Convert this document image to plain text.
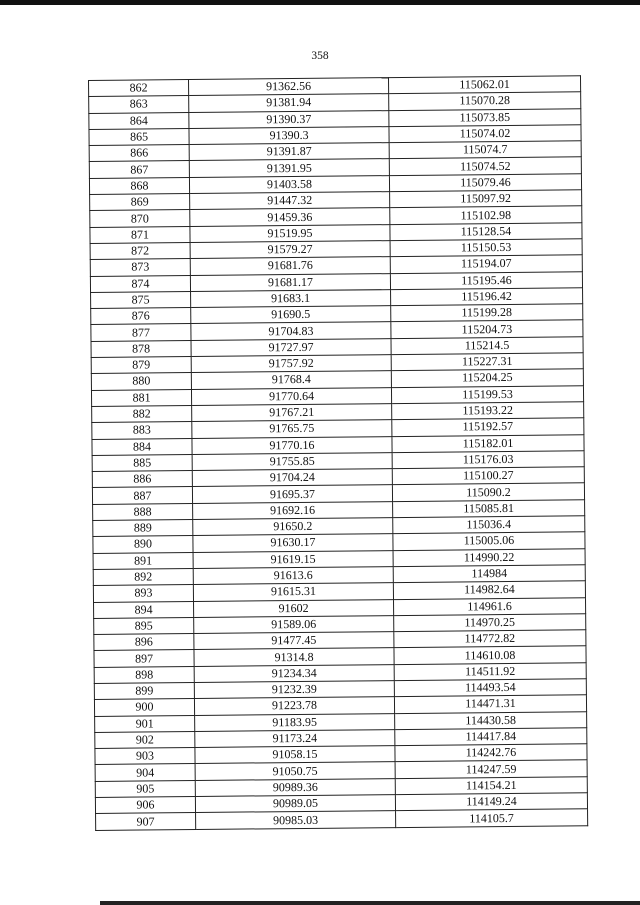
358
862	91362.56	115062.01
863	91381.94	115070.28
864	91390.37	115073.85
865	91390.3	115074.02
866	91391.87	115074.7
867	91391.95	115074.52
868	91403.58	115079.46
869	91447.32	115097.92
870	91459.36	115102.98
871	91519.95	115128.54
872	91579.27	115150.53
873	91681.76	115194.07
874	91681.17	115195.46
875	91683.1	115196.42
876	91690.5	115199.28
877	91704.83	115204.73
878	91727.97	115214.5
879	91757.92	115227.31
880	91768.4	115204.25
881	91770.64	115199.53
882	91767.21	115193.22
883	91765.75	115192.57
884	91770.16	115182.01
885	91755.85	115176.03
886	91704.24	115100.27
887	91695.37	115090.2
888	91692.16	115085.81
889	91650.2	115036.4
890	91630.17	115005.06
891	91619.15	114990.22
892	91613.6	114984
893	91615.31	114982.64
894	91602	114961.6
895	91589.06	114970.25
896	91477.45	114772.82
897	91314.8	114610.08
898	91234.34	114511.92
899	91232.39	114493.54
900	91223.78	114471.31
901	91183.95	114430.58
902	91173.24	114417.84
903	91058.15	114242.76
904	91050.75	114247.59
905	90989.36	114154.21
906	90989.05	114149.24
907	90985.03	114105.7
